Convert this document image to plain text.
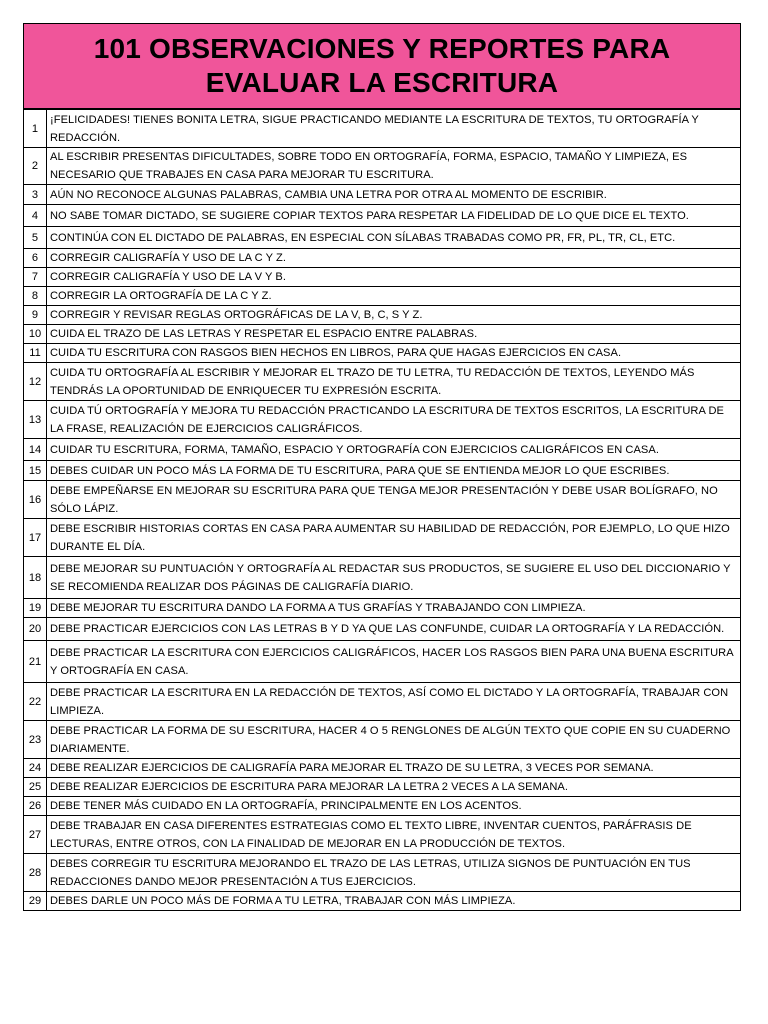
101 OBSERVACIONES Y REPORTES PARA
EVALUAR LA ESCRITURA
1	¡FELICIDADES! TIENES BONITA LETRA, SIGUE PRACTICANDO MEDIANTE LA ESCRITURA DE TEXTOS, TU ORTOGRAFÍA Y REDACCIÓN.
2	AL ESCRIBIR PRESENTAS DIFICULTADES, SOBRE TODO EN ORTOGRAFÍA, FORMA, ESPACIO, TAMAÑO Y LIMPIEZA, ES NECESARIO QUE TRABAJES EN CASA PARA MEJORAR TU ESCRITURA.
3	AÚN NO RECONOCE ALGUNAS PALABRAS, CAMBIA UNA LETRA POR OTRA AL MOMENTO DE ESCRIBIR.
4	NO SABE TOMAR DICTADO, SE SUGIERE COPIAR TEXTOS PARA RESPETAR LA FIDELIDAD DE LO QUE DICE EL TEXTO.
5	CONTINÚA CON EL DICTADO DE PALABRAS, EN ESPECIAL CON SÍLABAS TRABADAS COMO PR, FR, PL, TR, CL, ETC.
6	CORREGIR CALIGRAFÍA Y USO DE LA C Y Z.
7	CORREGIR CALIGRAFÍA Y USO DE LA V Y B.
8	CORREGIR LA ORTOGRAFÍA DE LA C Y Z.
9	CORREGIR Y REVISAR REGLAS ORTOGRÁFICAS DE LA V, B, C, S Y Z.
10	CUIDA EL TRAZO DE LAS LETRAS Y RESPETAR EL ESPACIO ENTRE PALABRAS.
11	CUIDA TU ESCRITURA CON RASGOS BIEN HECHOS EN LIBROS, PARA QUE HAGAS EJERCICIOS EN CASA.
12	CUIDA TU ORTOGRAFÍA AL ESCRIBIR Y MEJORAR EL TRAZO DE TU LETRA, TU REDACCIÓN DE TEXTOS, LEYENDO MÁS TENDRÁS LA OPORTUNIDAD DE ENRIQUECER TU EXPRESIÓN ESCRITA.
13	CUIDA TÚ ORTOGRAFÍA Y MEJORA TU REDACCIÓN PRACTICANDO LA ESCRITURA DE TEXTOS ESCRITOS, LA ESCRITURA DE LA FRASE, REALIZACIÓN DE EJERCICIOS CALIGRÁFICOS.
14	CUIDAR TU ESCRITURA, FORMA, TAMAÑO, ESPACIO Y ORTOGRAFÍA CON EJERCICIOS CALIGRÁFICOS EN CASA.
15	DEBES CUIDAR UN POCO MÁS LA FORMA DE TU ESCRITURA, PARA QUE SE ENTIENDA MEJOR LO QUE ESCRIBES.
16	DEBE EMPEÑARSE EN MEJORAR SU ESCRITURA PARA QUE TENGA MEJOR PRESENTACIÓN Y DEBE USAR BOLÍGRAFO, NO SÓLO LÁPIZ.
17	DEBE ESCRIBIR HISTORIAS CORTAS EN CASA PARA AUMENTAR SU HABILIDAD DE REDACCIÓN, POR EJEMPLO, LO QUE HIZO DURANTE EL DÍA.
18	DEBE MEJORAR SU PUNTUACIÓN Y ORTOGRAFÍA AL REDACTAR SUS PRODUCTOS, SE SUGIERE EL USO DEL DICCIONARIO Y SE RECOMIENDA REALIZAR DOS PÁGINAS DE CALIGRAFÍA DIARIO.
19	DEBE MEJORAR TU ESCRITURA DANDO LA FORMA A TUS GRAFÍAS Y TRABAJANDO CON LIMPIEZA.
20	DEBE PRACTICAR EJERCICIOS CON LAS LETRAS B Y D YA QUE LAS CONFUNDE, CUIDAR LA ORTOGRAFÍA Y LA REDACCIÓN.
21	DEBE PRACTICAR LA ESCRITURA CON EJERCICIOS CALIGRÁFICOS, HACER LOS RASGOS BIEN PARA UNA BUENA ESCRITURA Y ORTOGRAFÍA EN CASA.
22	DEBE PRACTICAR LA ESCRITURA EN LA REDACCIÓN DE TEXTOS, ASÍ COMO EL DICTADO Y LA ORTOGRAFÍA, TRABAJAR CON LIMPIEZA.
23	DEBE PRACTICAR LA FORMA DE SU ESCRITURA, HACER 4 O 5 RENGLONES DE ALGÚN TEXTO QUE COPIE EN SU CUADERNO DIARIAMENTE.
24	DEBE REALIZAR EJERCICIOS DE CALIGRAFÍA PARA MEJORAR EL TRAZO DE SU LETRA, 3 VECES POR SEMANA.
25	DEBE REALIZAR EJERCICIOS DE ESCRITURA PARA MEJORAR LA LETRA 2 VECES A LA SEMANA.
26	DEBE TENER MÁS CUIDADO EN LA ORTOGRAFÍA, PRINCIPALMENTE EN LOS ACENTOS.
27	DEBE TRABAJAR EN CASA DIFERENTES ESTRATEGIAS COMO EL TEXTO LIBRE, INVENTAR CUENTOS, PARÁFRASIS DE LECTURAS, ENTRE OTROS, CON LA FINALIDAD DE MEJORAR EN LA PRODUCCIÓN DE TEXTOS.
28	DEBES CORREGIR TU ESCRITURA MEJORANDO EL TRAZO DE LAS LETRAS, UTILIZA SIGNOS DE PUNTUACIÓN EN TUS REDACCIONES DANDO MEJOR PRESENTACIÓN A TUS EJERCICIOS.
29	DEBES DARLE UN POCO MÁS DE FORMA A TU LETRA, TRABAJAR CON MÁS LIMPIEZA.
